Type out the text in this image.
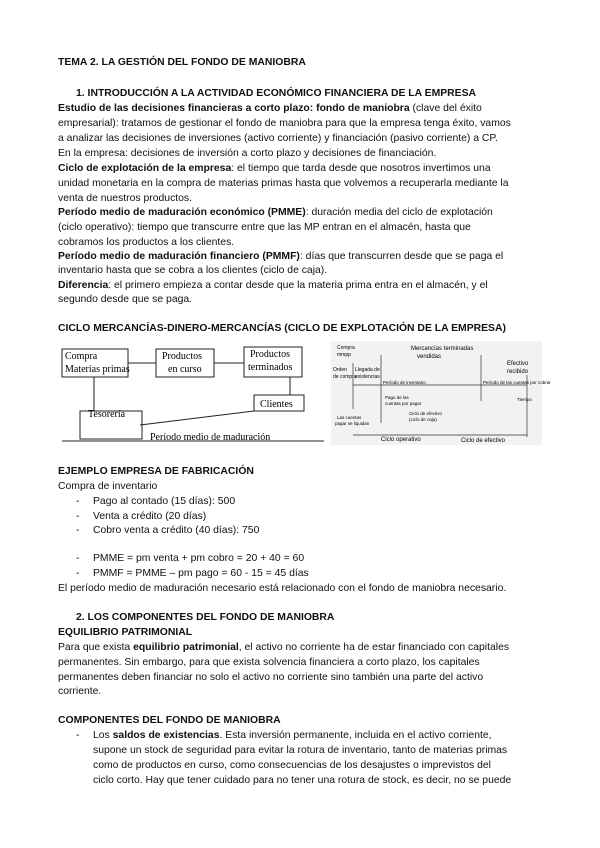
TEMA 2. LA GESTIÓN DEL FONDO DE MANIOBRA
1. INTRODUCCIÓN A LA ACTIVIDAD ECONÓMICO FINANCIERA DE LA EMPRESA
Estudio de las decisiones financieras a corto plazo: fondo de maniobra (clave del éxito
empresarial): tratamos de gestionar el fondo de maniobra para que la empresa tenga éxito, vamos
a analizar las decisiones de inversiones (activo corriente) y financiación (pasivo corriente) a CP.
En la empresa: decisiones de inversión a corto plazo y decisiones de financiación.
Ciclo de explotación de la empresa: el tiempo que tarda desde que nosotros invertimos una
unidad monetaria en la compra de materias primas hasta que volvemos a recuperarla mediante la
venta de nuestros productos.
Período medio de maduración económico (PMME): duración media del ciclo de explotación
(ciclo operativo): tiempo que transcurre entre que las MP entran en el almacén, hasta que
cobramos los productos a los clientes.
Período medio de maduración financiero (PMMF): días que transcurren desde que se paga el
inventario hasta que se cobra a los clientes (ciclo de caja).
Diferencia: el primero empieza a contar desde que la materia prima entra en el almacén, y el
segundo desde que se paga.
CICLO MERCANCÍAS-DINERO-MERCANCÍAS (CICLO DE EXPLOTACIÓN DE LA EMPRESA)
Compra
Materias primas
Productos
en curso
Productos
terminados
Clientes
Tesorería
Período medio de maduración
Compra
mmpp
Mercancías terminadas
vendidas
Efectivo
recibido
Orden
de compra
Llegada de
existencias
Período de inventario	Período de las cuentas por cobrar
Tiempo
Pago de las
cuentas por pagar
Las cuentas
pagar se liquidan
Ciclo de efectivo
(ciclo de caja)
Ciclo operativo	Ciclo de efectivo
EJEMPLO EMPRESA DE FABRICACIÓN
Compra de inventario
- Pago al contado (15 días): 500
- Venta a crédito (20 días)
- Cobro venta a crédito (40 días): 750
- PMME = pm venta + pm cobro = 20 + 40 = 60
- PMMF = PMME – pm pago = 60 - 15 = 45 días
El período medio de maduración necesario está relacionado con el fondo de maniobra necesario.
2. LOS COMPONENTES DEL FONDO DE MANIOBRA
EQUILIBRIO PATRIMONIAL
Para que exista equilibrio patrimonial, el activo no corriente ha de estar financiado con capitales
permanentes. Sin embargo, para que exista solvencia financiera a corto plazo, los capitales
permanentes deben financiar no solo el activo no corriente sino también una parte del activo
corriente.
COMPONENTES DEL FONDO DE MANIOBRA
- Los saldos de existencias. Esta inversión permanente, incluida en el activo corriente,
supone un stock de seguridad para evitar la rotura de inventario, tanto de materias primas
como de productos en curso, como consecuencias de los desajustes o imprevistos del
ciclo corto. Hay que tener cuidado para no tener una rotura de stock, es decir, no se puede
